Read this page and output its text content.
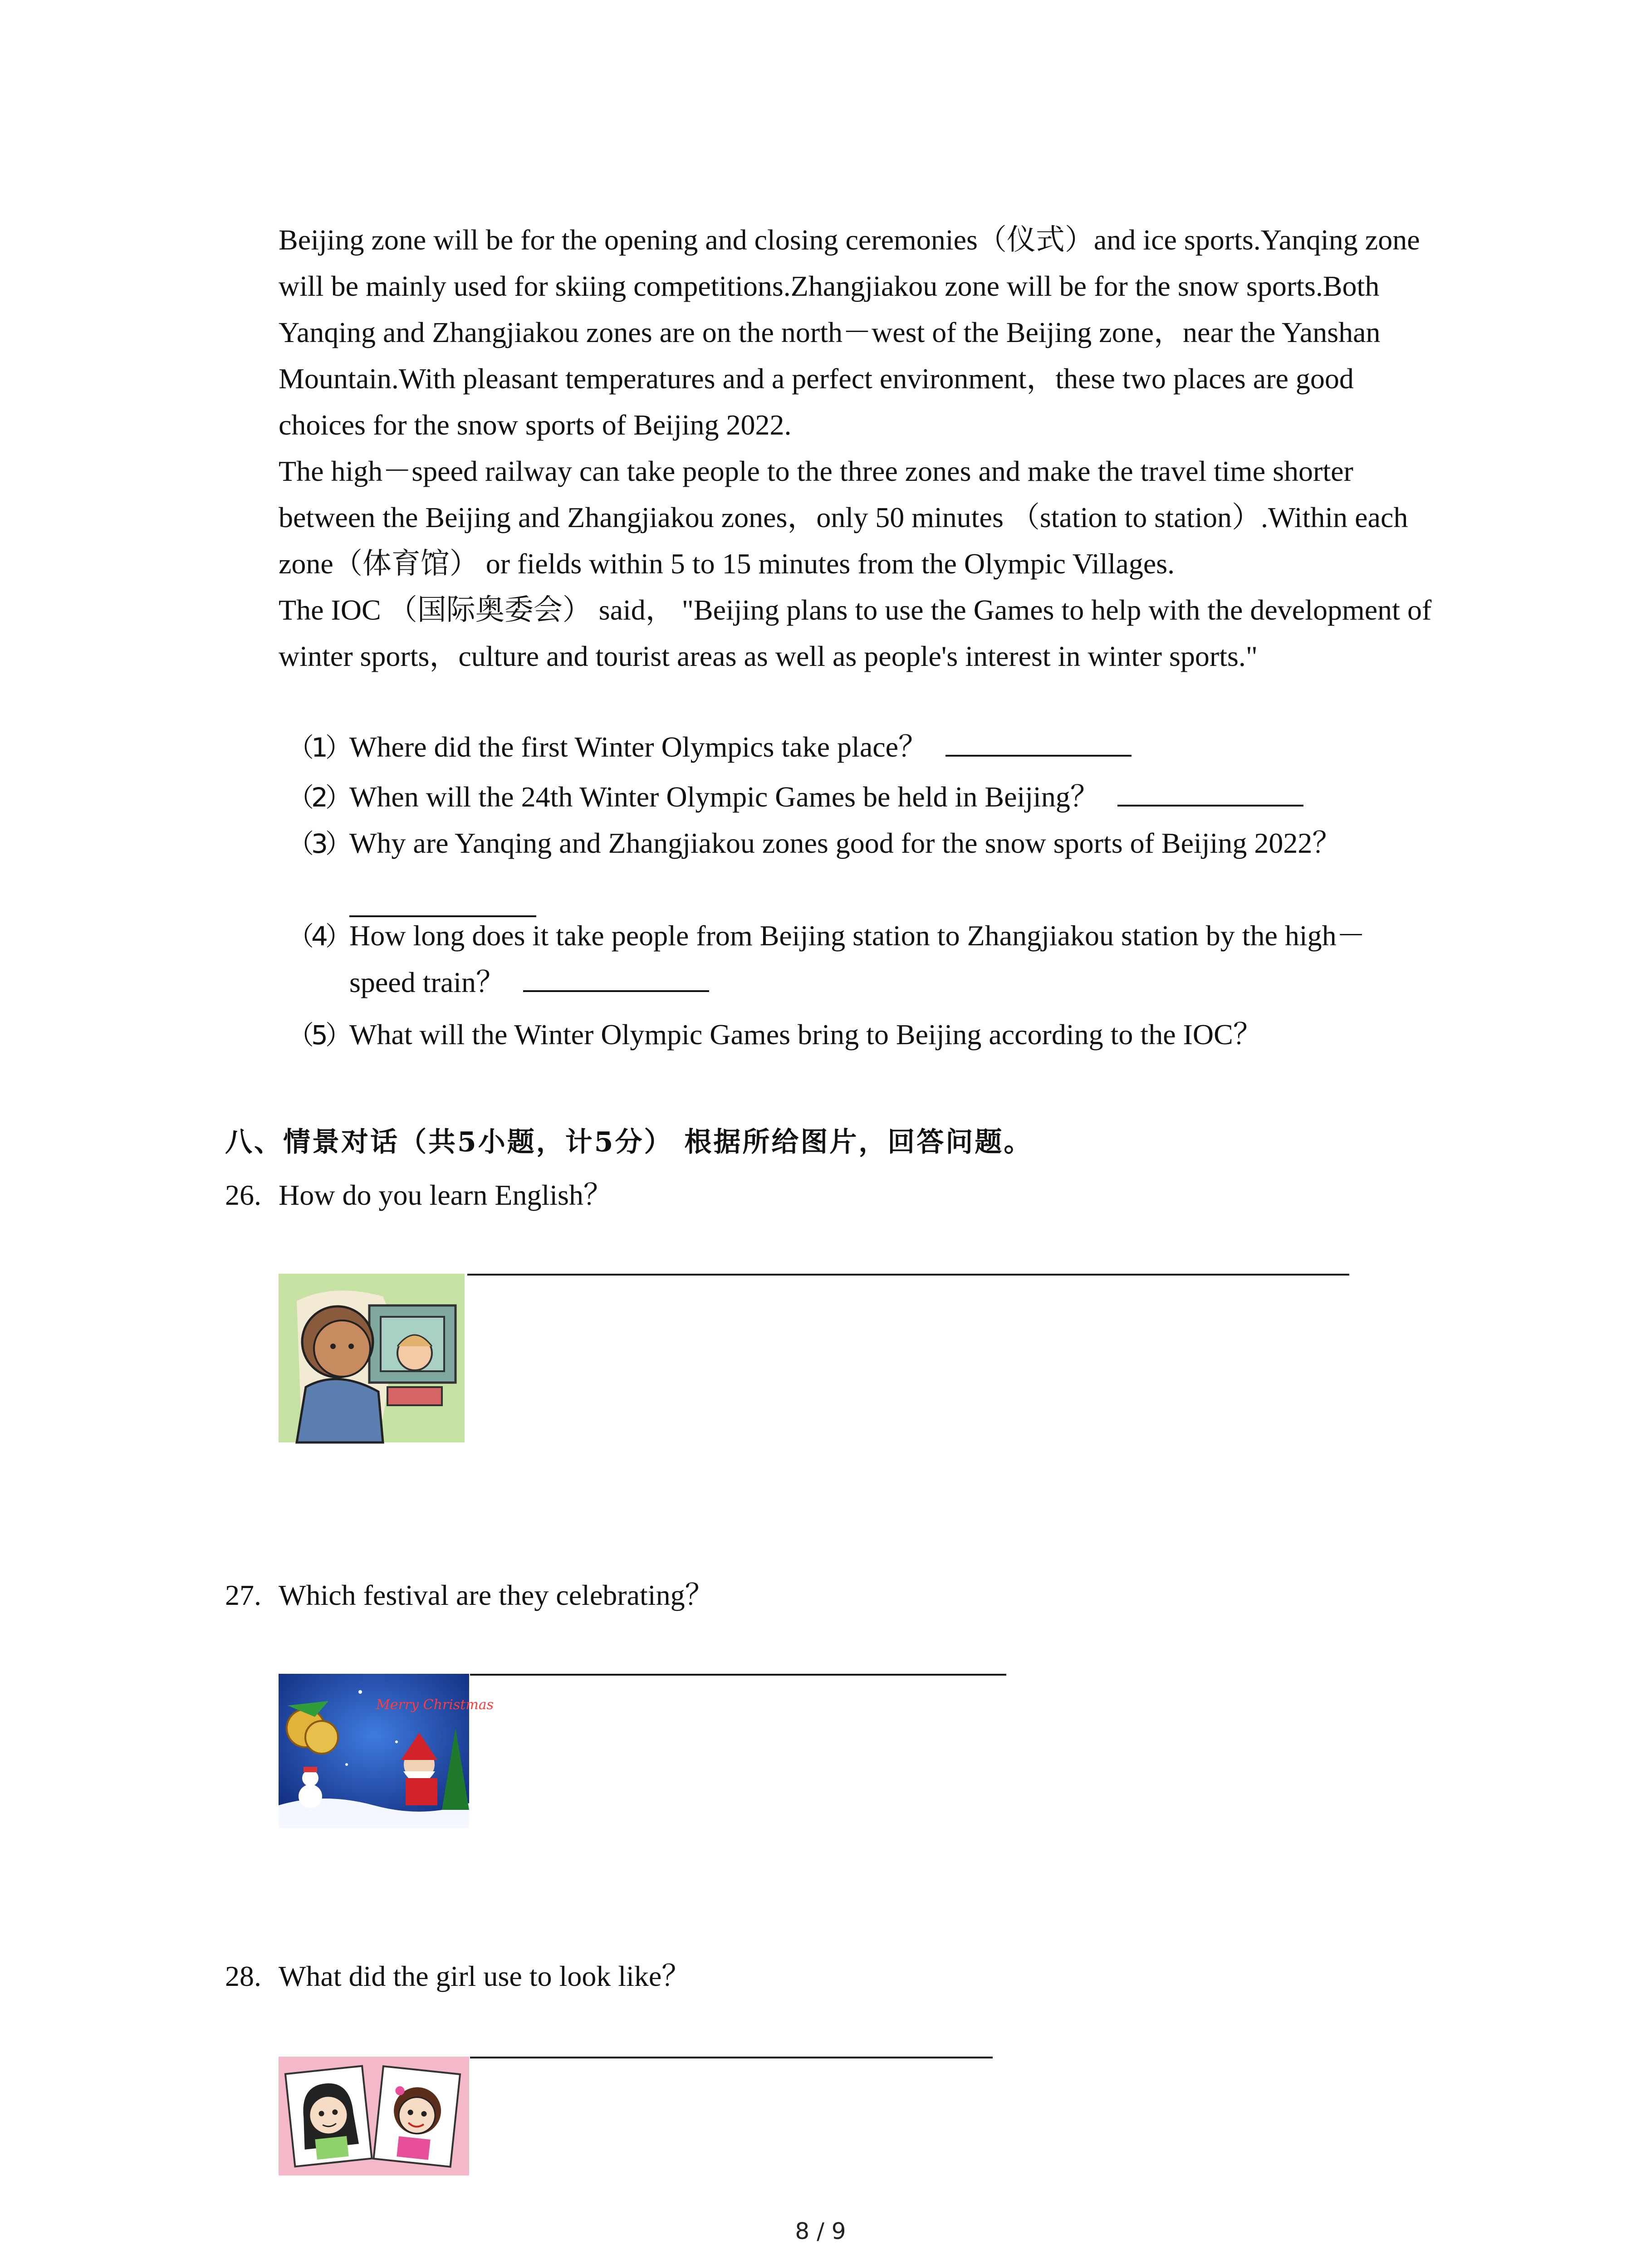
Beijing zone will be for the opening and closing ceremonies（仪式）and ice sports.Yanqing zone will be mainly used for skiing competitions.Zhangjiakou zone will be for the snow sports.Both Yanqing and Zhangjiakou zones are on the north－west of the Beijing zone，near the Yanshan Mountain.With pleasant temperatures and a perfect environment，these two places are good choices for the snow sports of Beijing 2022.

The high－speed railway can take people to the three zones and make the travel time shorter between the Beijing and Zhangjiakou zones，only 50 minutes （station to station）.Within each zone（体育馆） or fields within 5 to 15 minutes from the Olympic Villages.

The IOC （国际奥委会） said， "Beijing plans to use the Games to help with the development of winter sports，culture and tourist areas as well as people's interest in winter sports."

（1）Where did the first Winter Olympics take place？
（2）When will the 24th Winter Olympic Games be held in Beijing？
（3）Why are Yanqing and Zhangjiakou zones good for the snow sports of Beijing 2022？
（4）How long does it take people from Beijing station to Zhangjiakou station by the high－
speed train？
（5）What will the Winter Olympic Games bring to Beijing according to the IOC？
八、情景对话（共5小题，计5分） 根据所给图片，回答问题。
26. How do you learn English？
27. Which festival are they celebrating？
Merry Christmas
28. What did the girl use to look like？
8 / 9
